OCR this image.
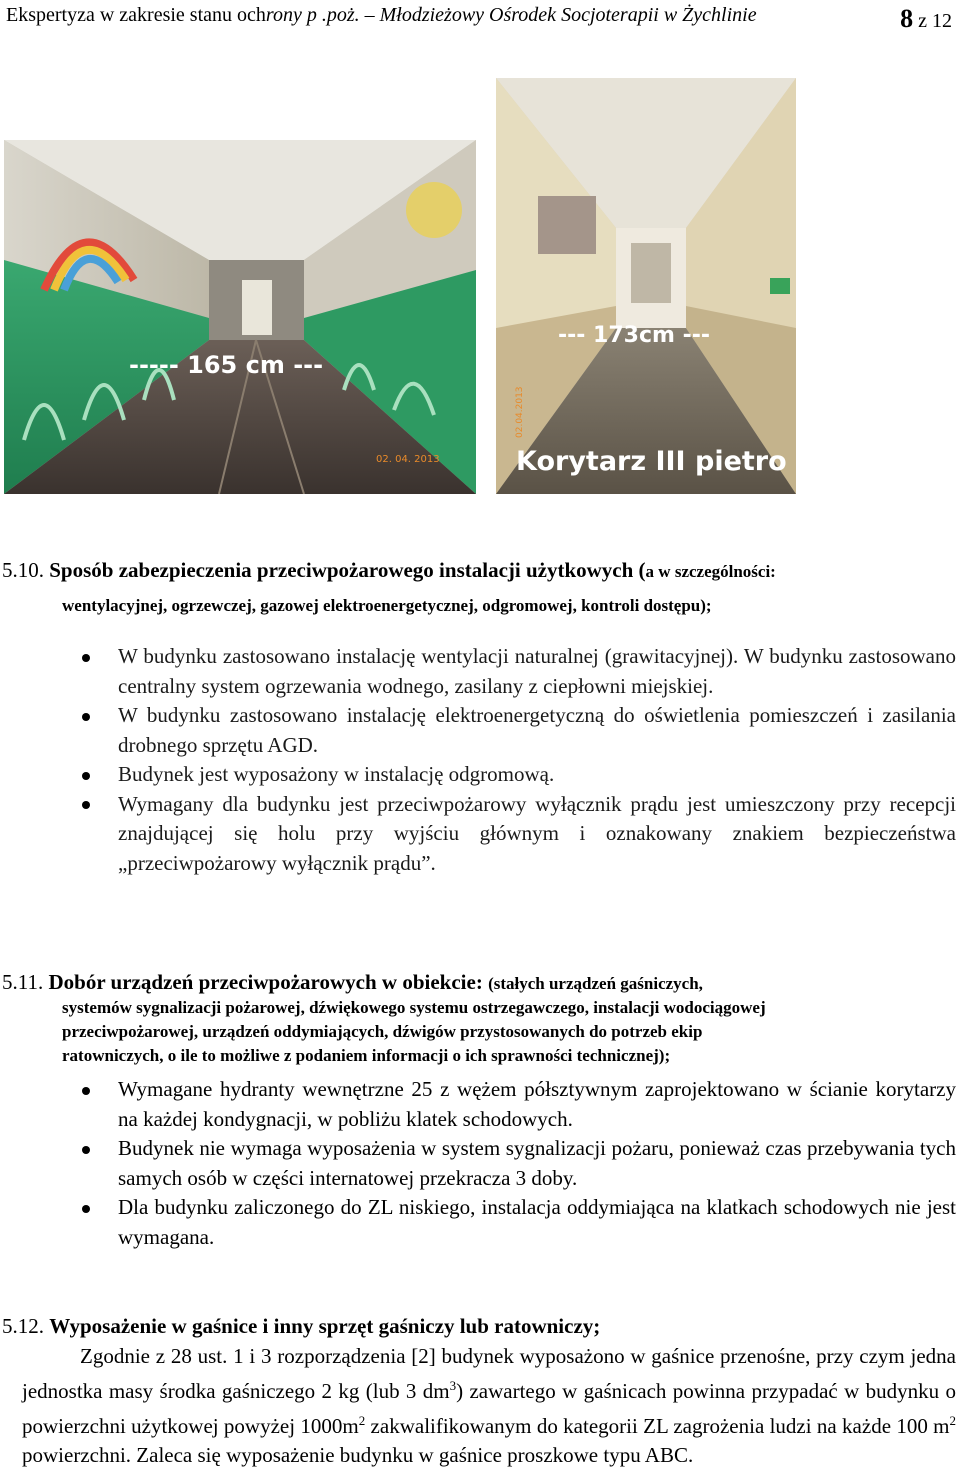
Ekspertyza w zakresie stanu ochrony p .poż. – Młodzieżowy Ośrodek Socjoterapii w Żychlinie	8 z 12
----- 165 cm ---
02. 04. 2013
--- 173cm ---
02.04.2013
Korytarz III pietro
5.10. Sposób zabezpieczenia przeciwpożarowego instalacji użytkowych (a w szczególności:
wentylacyjnej, ogrzewczej, gazowej elektroenergetycznej, odgromowej, kontroli dostępu);
W budynku zastosowano instalację wentylacji naturalnej (grawitacyjnej). W budynku zastosowano centralny system ogrzewania wodnego, zasilany z ciepłowni miejskiej.
W budynku zastosowano instalację elektroenergetyczną do oświetlenia pomieszczeń i zasilania drobnego sprzętu AGD.
Budynek jest wyposażony w instalację odgromową.
Wymagany dla budynku jest przeciwpożarowy wyłącznik prądu jest umieszczony przy recepcji znajdującej się holu przy wyjściu głównym i oznakowany znakiem bezpieczeństwa „przeciwpożarowy wyłącznik prądu”.
5.11. Dobór urządzeń przeciwpożarowych w obiekcie: (stałych urządzeń gaśniczych,
systemów sygnalizacji pożarowej, dźwiękowego systemu ostrzegawczego, instalacji wodociągowej
przeciwpożarowej, urządzeń oddymiających, dźwigów przystosowanych do potrzeb ekip
ratowniczych, o ile to możliwe z podaniem informacji o ich sprawności technicznej);
Wymagane hydranty wewnętrzne 25 z wężem półsztywnym zaprojektowano w ścianie korytarzy na każdej kondygnacji, w pobliżu klatek schodowych.
Budynek nie wymaga wyposażenia w system sygnalizacji pożaru, ponieważ czas przebywania tych samych osób w części internatowej przekracza 3 doby.
Dla budynku zaliczonego do ZL niskiego, instalacja oddymiająca na klatkach schodowych nie jest wymagana.
5.12. Wyposażenie w gaśnice i inny sprzęt gaśniczy lub ratowniczy;
Zgodnie z 28 ust. 1 i 3 rozporządzenia [2] budynek wyposażono w gaśnice przenośne, przy czym jedna jednostka masy środka gaśniczego 2 kg (lub 3 $dm^3$) zawartego w gaśnicach powinna przypadać w budynku o powierzchni użytkowej powyżej $1000m^2$ zakwalifikowanym do kategorii ZL zagrożenia ludzi na każde 100 $m^2$ powierzchni. Zaleca się wyposażenie budynku w gaśnice proszkowe typu ABC.
